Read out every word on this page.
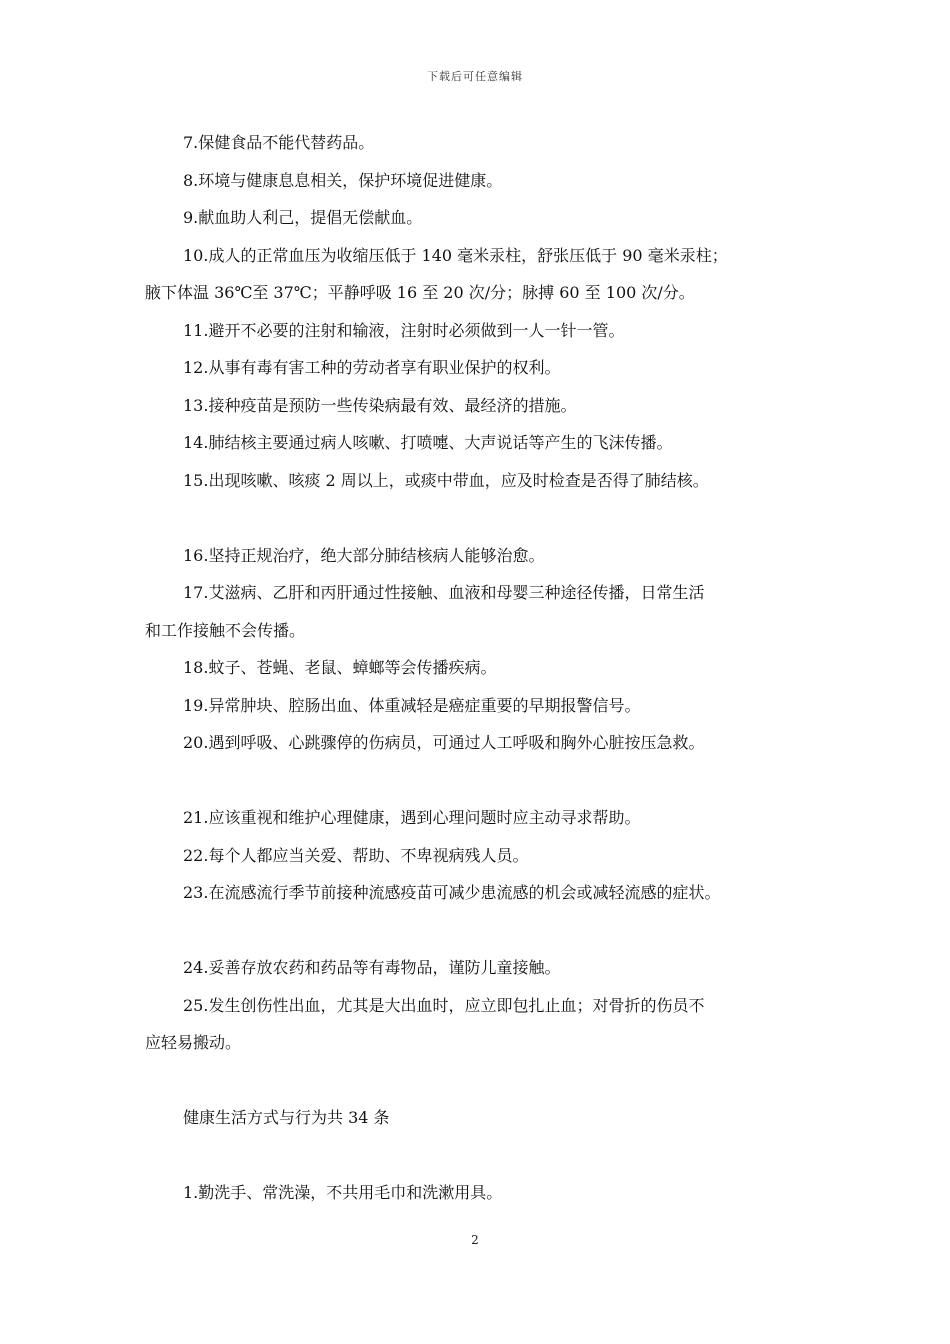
下载后可任意编辑
7.保健食品不能代替药品。
8.环境与健康息息相关，保护环境促进健康。
9.献血助人利己，提倡无偿献血。
10.成人的正常血压为收缩压低于 140 毫米汞柱，舒张压低于 90 毫米汞柱；
腋下体温 36℃至 37℃；平静呼吸 16 至 20 次/分；脉搏 60 至 100 次/分。
11.避开不必要的注射和输液，注射时必须做到一人一针一管。
12.从事有毒有害工种的劳动者享有职业保护的权利。
13.接种疫苗是预防一些传染病最有效、最经济的措施。
14.肺结核主要通过病人咳嗽、打喷嚏、大声说话等产生的飞沫传播。
15.出现咳嗽、咳痰 2 周以上，或痰中带血，应及时检查是否得了肺结核。
16.坚持正规治疗，绝大部分肺结核病人能够治愈。
17.艾滋病、乙肝和丙肝通过性接触、血液和母婴三种途径传播，日常生活
和工作接触不会传播。
18.蚊子、苍蝇、老鼠、蟑螂等会传播疾病。
19.异常肿块、腔肠出血、体重减轻是癌症重要的早期报警信号。
20.遇到呼吸、心跳骤停的伤病员，可通过人工呼吸和胸外心脏按压急救。
21.应该重视和维护心理健康，遇到心理问题时应主动寻求帮助。
22.每个人都应当关爱、帮助、不卑视病残人员。
23.在流感流行季节前接种流感疫苗可减少患流感的机会或减轻流感的症状。
24.妥善存放农药和药品等有毒物品，谨防儿童接触。
25.发生创伤性出血，尤其是大出血时，应立即包扎止血；对骨折的伤员不
应轻易搬动。
健康生活方式与行为共 34 条
1.勤洗手、常洗澡，不共用毛巾和洗漱用具。
2
